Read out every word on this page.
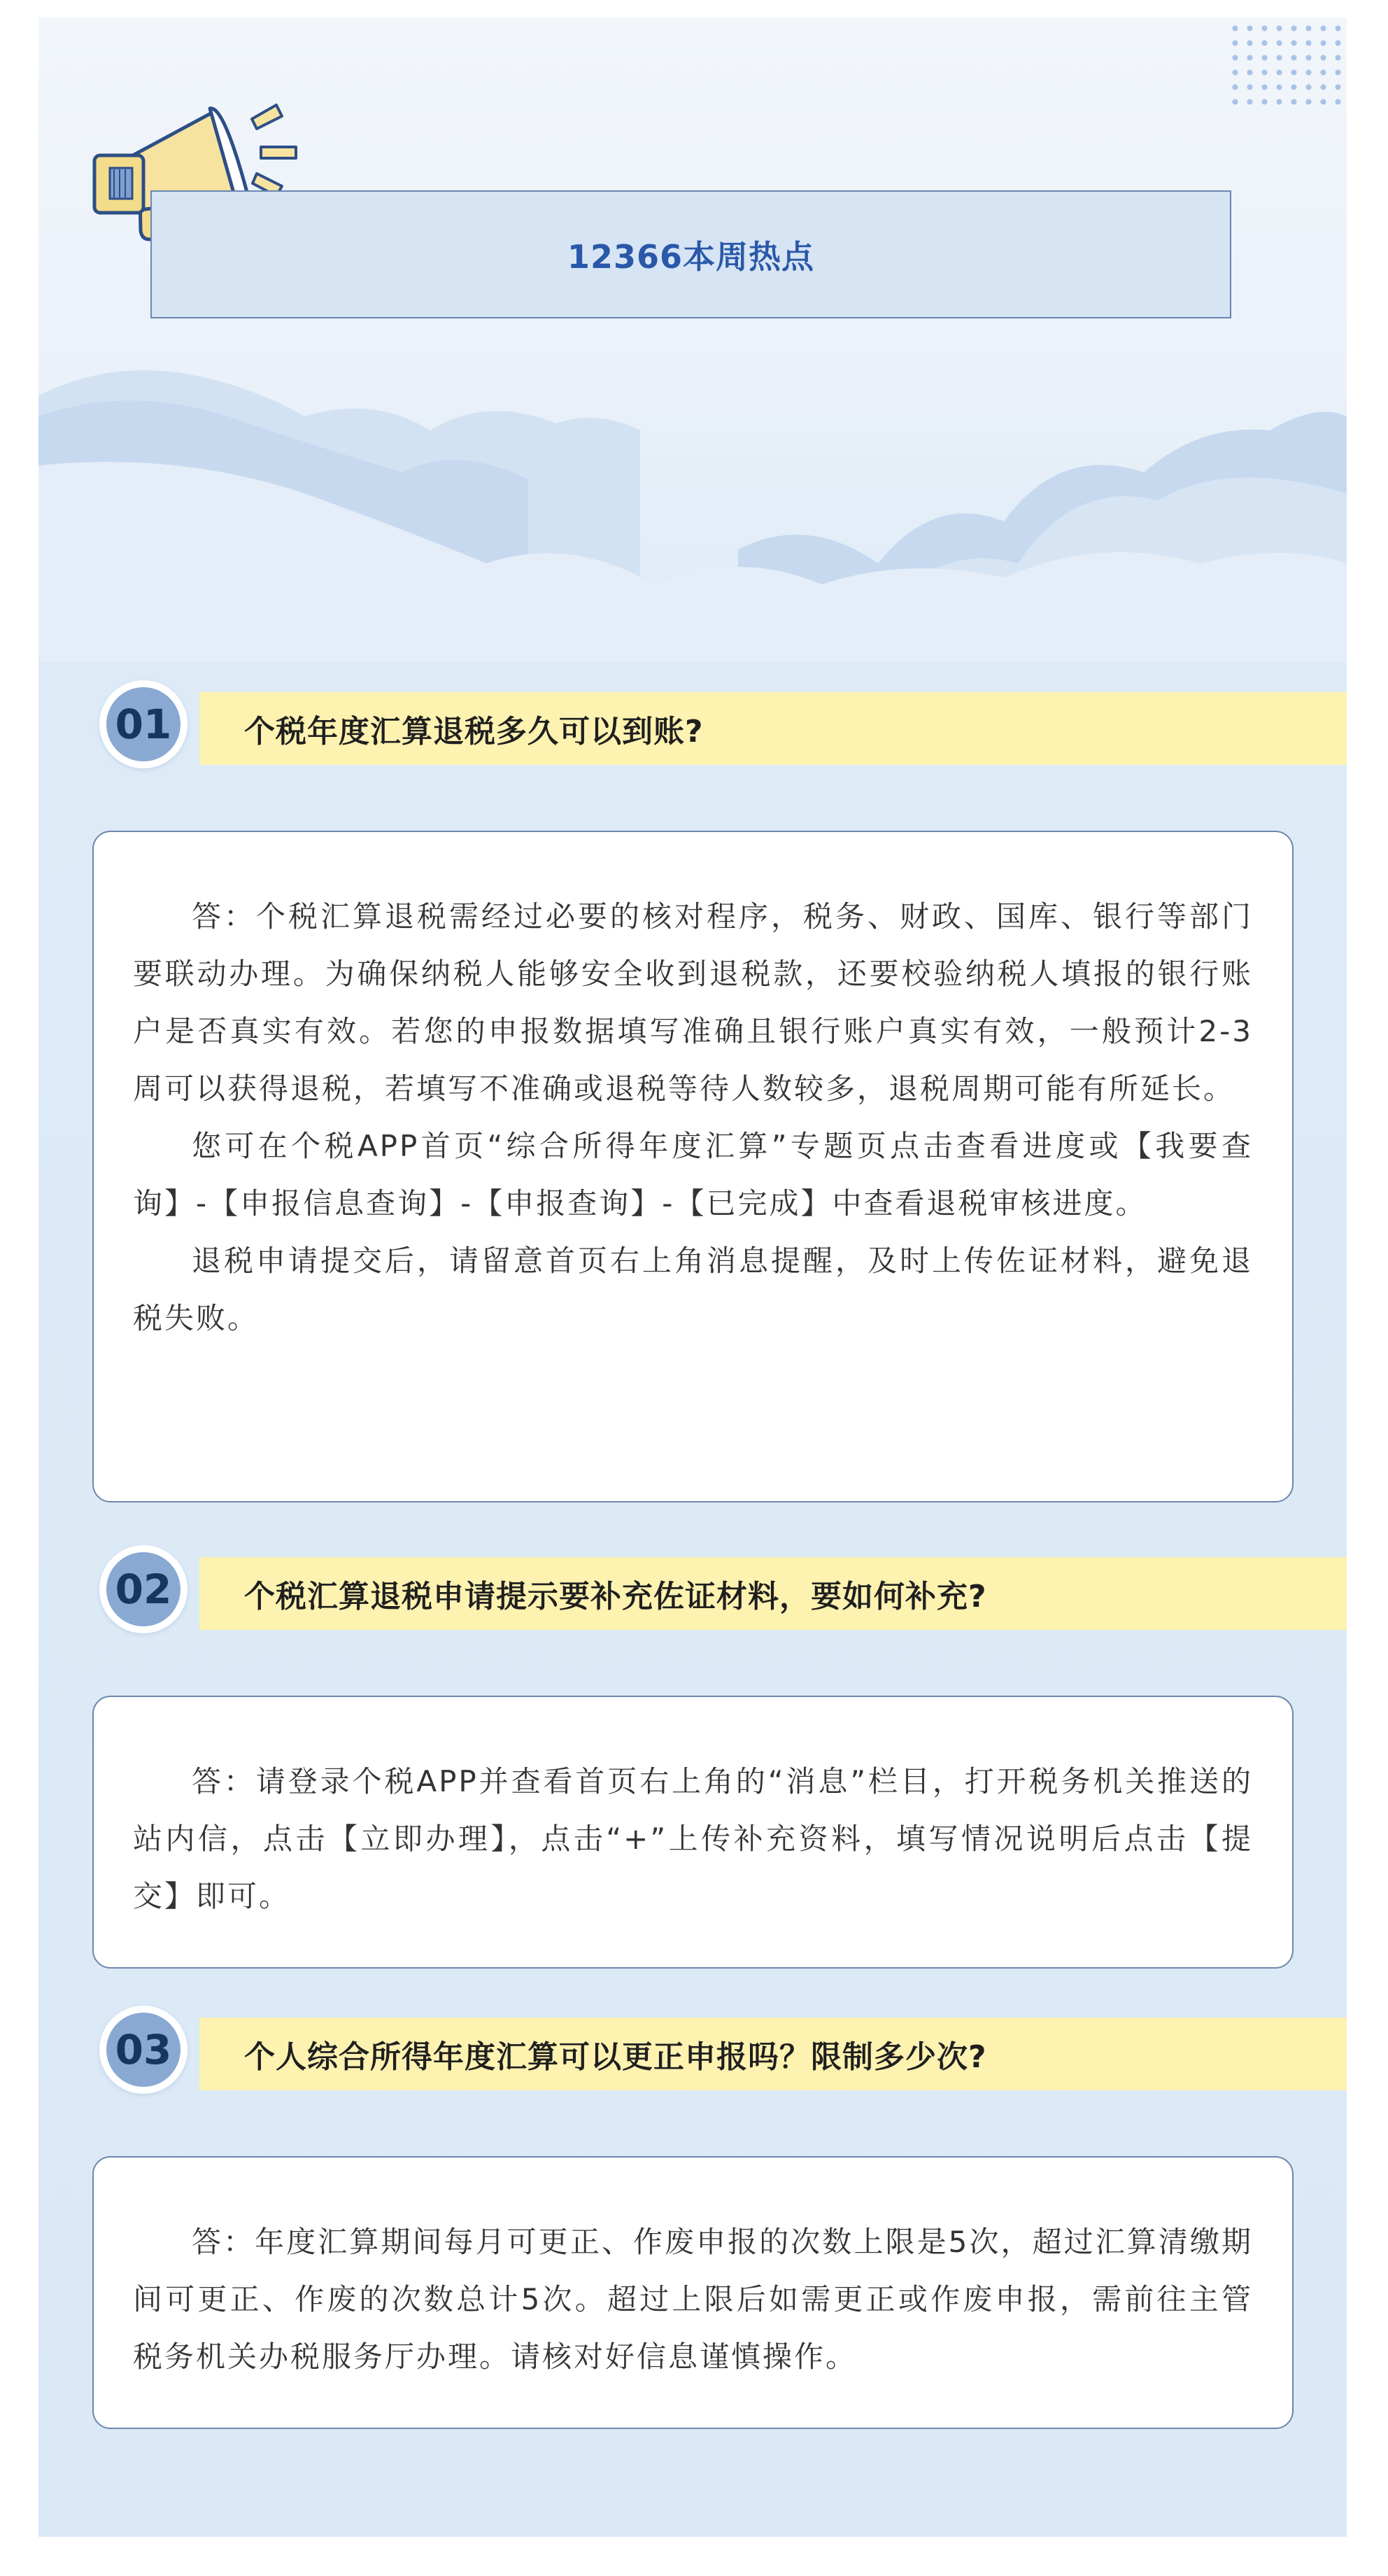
12366本周热点
个税年度汇算退税多久可以到账?
01

答：个税汇算退税需经过必要的核对程序，税务、财政、国库、银行等部门要联动办理。为确保纳税人能够安全收到退税款，还要校验纳税人填报的银行账户是否真实有效。若您的申报数据填写准确且银行账户真实有效，一般预计2-3周可以获得退税，若填写不准确或退税等待人数较多，退税周期可能有所延长。

您可在个税APP首页“综合所得年度汇算”专题页点击查看进度或【我要查询】-【申报信息查询】-【申报查询】-【已完成】中查看退税审核进度。

退税申请提交后，请留意首页右上角消息提醒，及时上传佐证材料，避免退税失败。

个税汇算退税申请提示要补充佐证材料，要如何补充?
02

答：请登录个税APP并查看首页右上角的“消息”栏目，打开税务机关推送的站内信，点击【立即办理】，点击“+”上传补充资料，填写情况说明后点击【提交】即可。

个人综合所得年度汇算可以更正申报吗？限制多少次?
03

答：年度汇算期间每月可更正、作废申报的次数上限是5次，超过汇算清缴期间可更正、作废的次数总计5次。超过上限后如需更正或作废申报，需前往主管税务机关办税服务厅办理。请核对好信息谨慎操作。
